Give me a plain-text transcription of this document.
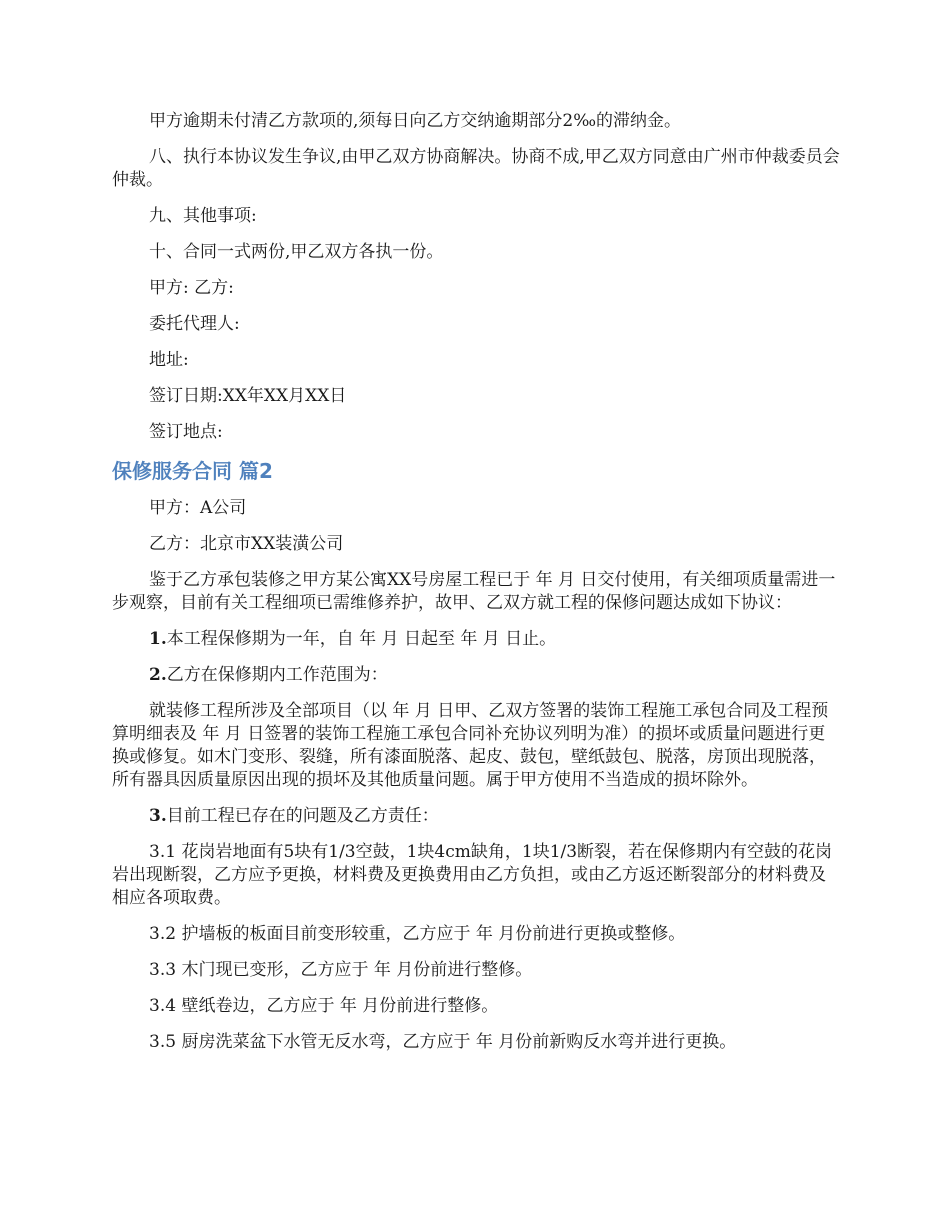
甲方逾期未付清乙方款项的,须每日向乙方交纳逾期部分2‰的滞纳金。

八、执行本协议发生争议,由甲乙双方协商解决。协商不成,甲乙双方同意由广州市仲裁委员会仲裁。

九、其他事项:

十、合同一式两份,甲乙双方各执一份。

甲方: 乙方:

委托代理人:

地址:

签订日期:XX年XX月XX日

签订地点:

保修服务合同 篇2

甲方：A公司

乙方：北京市XX装潢公司

鉴于乙方承包装修之甲方某公寓XX号房屋工程已于 年 月 日交付使用，有关细项质量需进一步观察，目前有关工程细项已需维修养护，故甲、乙双方就工程的保修问题达成如下协议：

1.本工程保修期为一年，自 年 月 日起至 年 月 日止。

2.乙方在保修期内工作范围为：

就装修工程所涉及全部项目（以 年 月 日甲、乙双方签署的装饰工程施工承包合同及工程预算明细表及 年 月 日签署的装饰工程施工承包合同补充协议列明为准）的损坏或质量问题进行更换或修复。如木门变形、裂缝，所有漆面脱落、起皮、鼓包，壁纸鼓包、脱落，房顶出现脱落，所有器具因质量原因出现的损坏及其他质量问题。属于甲方使用不当造成的损坏除外。

3.目前工程已存在的问题及乙方责任：

3.1 花岗岩地面有5块有1/3空鼓，1块4cm缺角，1块1/3断裂，若在保修期内有空鼓的花岗岩出现断裂，乙方应予更换，材料费及更换费用由乙方负担，或由乙方返还断裂部分的材料费及相应各项取费。

3.2 护墙板的板面目前变形较重，乙方应于 年 月份前进行更换或整修。

3.3 木门现已变形，乙方应于 年 月份前进行整修。

3.4 壁纸卷边，乙方应于 年 月份前进行整修。

3.5 厨房洗菜盆下水管无反水弯，乙方应于 年 月份前新购反水弯并进行更换。
